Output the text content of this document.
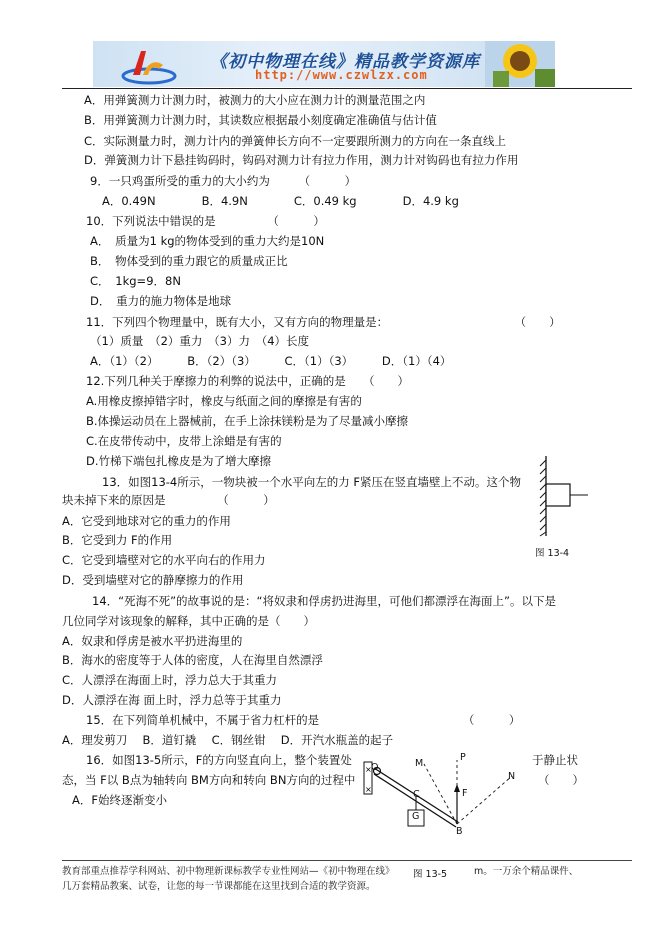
《初中物理在线》精品教学资源库
http://www.czwlzx.com
A．用弹簧测力计测力时，被测力的大小应在测力计的测量范围之内
B．用弹簧测力计测力时，其读数应根据最小刻度确定准确值与估计值
C．实际测量力时，测力计内的弹簧伸长方向不一定要跟所测力的方向在一条直线上
D．弹簧测力计下悬挂钩码时，钩码对测力计有拉力作用，测力计对钩码也有拉力作用
9．一只鸡蛋所受的重力的大小约为　　　（　　　）
A．0.49N　　　　B．4.9N　　　　C．0.49 kg　　　　D．4.9 kg
10．下列说法中错误的是　　　　　（　　　）
A．　质量为1 kg的物体受到的重力大约是10N
B．　物体受到的重力跟它的质量成正比
C．　1kg=9．8N
D．　重力的施力物体是地球
11．下列四个物理量中，既有大小，又有方向的物理量是：　　　　　　　　　　　　（　　）
（1）质量　（2）重力　（3）力　（4）长度
A．（1）（2）　　　B．（2）（3）　　　C．（1）（3）　　　D．（1）（4）
12.下列几种关于摩擦力的利弊的说法中，正确的是　　（　　）
A.用橡皮擦掉错字时，橡皮与纸面之间的摩擦是有害的
B.体操运动员在上器械前，在手上涂抹镁粉是为了尽量减小摩擦
C.在皮带传动中，皮带上涂蜡是有害的
D.竹梯下端包扎橡皮是为了增大摩擦
13．如图13-4所示，一物块被一个水平向左的力 F紧压在竖直墙壁上不动。这个物
块未掉下来的原因是　　　　　（　　　）
A．它受到地球对它的重力的作用
B．它受到力 F的作用
C．它受到墙壁对它的水平向右的作用力
D．受到墙壁对它的静摩擦力的作用
14．“死海不死”的故事说的是：“将奴隶和俘虏扔进海里，可他们都漂浮在海面上”。以下是
几位同学对该现象的解释，其中正确的是（　　）
A．奴隶和俘虏是被水平扔进海里的
B．海水的密度等于人体的密度，人在海里自然漂浮
C．人漂浮在海面上时，浮力总大于其重力
D．人漂浮在海 面上时，浮力总等于其重力
15．在下列简单机械中，不属于省力杠杆的是　　　　　　　　　　　　　（　　　）
A．理发剪刀　 B．道钉撬　 C．钢丝钳　 D．开汽水瓶盖的起子
16．如图13-5所示，F的方向竖直向上，整个装置处	于静止状
态，当 F以 B点为轴转向 BM方向和转向 BN方向的过程中	（　　）
A．F始终逐渐变小
图 13-4
×
×
O	M
P
N
F
C
B
G
图 13-5
教育部重点推荐学科网站、初中物理新课标教学专业性网站—《初中物理在线》	m。一万余个精品课件、
几万套精品教案、试卷，让您的每一节课都能在这里找到合适的教学资源。
